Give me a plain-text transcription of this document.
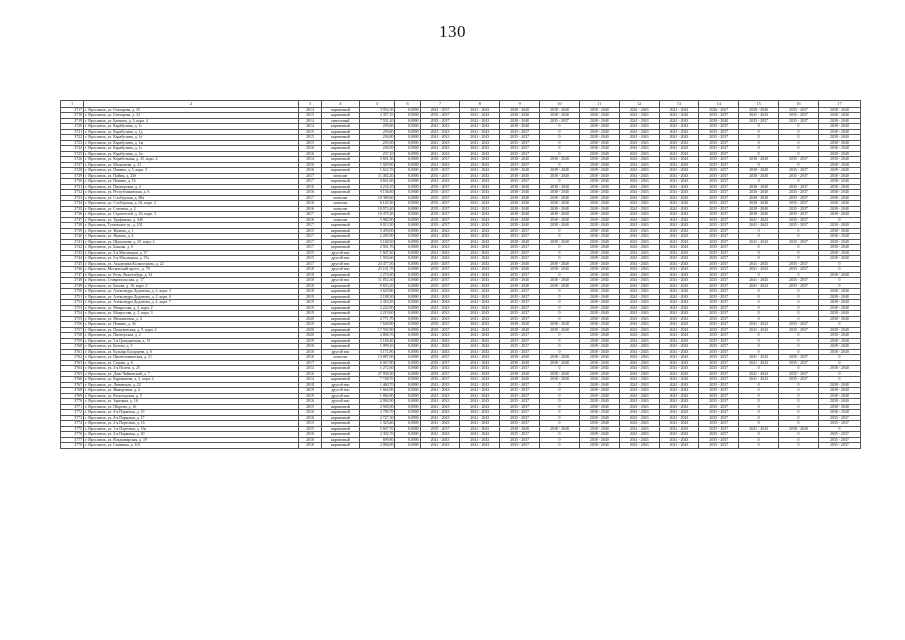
130
1	2	3	4	5	6	7	8	9	10	11	12	13	14	15	16	17
3717	г. Ярославль, ул. Гончарова, д. 35	2014	кирпичный	3 952,50	0,0000	2041 - 2037	2041 - 2043	2038 - 2040	2038 - 2040	2038 - 2040	2041 - 2043	2041 - 2043	2026 - 2027	2038 - 2040	2035 - 2037	2038 - 2040
3718	г. Ярославль, ул. Гончарова, д. 32	2015	кирпичный	2 357,10	0,0000	2035 - 2037	2041 - 2043	2038 - 2040	2038 - 2040	2038 - 2040	2041 - 2043	2041 - 2043	2035 - 2037	2041 - 2043	2035 - 2037	2038 - 2040
3719	г. Ярославль, ул. Батыева, д. 3, корп. 4	2014	панельный	7 551,20	0,0000	2035 - 2037	2041 - 2043	2038 - 2040	2035 - 2037	2038 - 2040	2041 - 2043	2041 - 2043	2038 - 2040	2035 - 2037	2035 - 2037	2038 - 2040
3720	г. Ярославль, ул. Карабулина, д. 1г	2014	кирпичный	239,60	0,0000	2041 - 2043	2041 - 2043	2038 - 2040	0	2038 - 2040	2041 - 2043	2041 - 2043	2035 - 2037	0	0	2038 - 2040
3721	г. Ярославль, ул. Карабулина, д. 1д	2015	кирпичный	239,60	0,0000	2041 - 2043	2041 - 2043	2035 - 2037	0	2038 - 2040	2041 - 2043	2041 - 2043	2035 - 2037	0	0	2038 - 2040
3722	г. Ярославль, ул. Карабулина, д. 1е	2015	кирпичный	236,80	0,0000	2041 - 2043	2041 - 2043	2035 - 2037	0	2038 - 2040	2041 - 2043	2041 - 2043	2035 - 2037	0	0	2038 - 2040
3723	г. Ярославль, ул. Карабулина, д. 1ж	2015	кирпичный	239,30	0,0000	2041 - 2043	2041 - 2043	2035 - 2037	0	2038 - 2040	2041 - 2043	2041 - 2043	2035 - 2037	0	0	2038 - 2040
3724	г. Ярославль, ул. Карабулина, д. 1з	2016	кирпичный	236,50	0,0000	2041 - 2043	2041 - 2043	2035 - 2037	0	2038 - 2040	2041 - 2043	2041 - 2043	2035 - 2037	0	0	2038 - 2040
3725	г. Ярославль, ул. Карабулина, д. 1и	2016	кирпичный	237,10	0,0000	2041 - 2043	2041 - 2043	2035 - 2037	0	2038 - 2040	2041 - 2043	2041 - 2043	2035 - 2037	0	0	2038 - 2040
3726	г. Ярославль, ул. Корабельная, д. 25, корп. 2	2014	кирпичный	3 691,30	0,0000	2035 - 2037	2041 - 2043	2038 - 2040	2038 - 2040	2038 - 2040	2041 - 2043	2041 - 2043	2035 - 2037	2038 - 2040	2035 - 2037	2038 - 2040
3727	г. Ярославль, ул. Малышева, д. 41	2016	кирпичный	1 029,90	0,0000	2041 - 2043	2041 - 2043	2035 - 2037	0	2038 - 2040	2041 - 2043	2041 - 2043	2035 - 2037	0	0	2038 - 2040
3728	г. Ярославль, ул. Панина, д. 5, корп. 3	2016	кирпичный	1 622,70	0,0000	2035 - 2037	2041 - 2043	2038 - 2040	2038 - 2040	2038 - 2040	2041 - 2043	2041 - 2043	2035 - 2037	2038 - 2040	2035 - 2037	2038 - 2040
3729	г. Ярославль, ул. Пайвы, д. 23б	2017	монолит	11 402,20	0,0000	2035 - 2037	2041 - 2043	2038 - 2040	2038 - 2040	2038 - 2040	2041 - 2043	2041 - 2043	2035 - 2037	2038 - 2040	2035 - 2037	2038 - 2040
3730	г. Ярославль, ул. Панина, д. 16	2017	кирпичный	4 601,60	0,0000	2041 - 2043	2041 - 2043	2035 - 2037	0	2038 - 2040	2041 - 2043	2041 - 2043	2035 - 2037	0	0	2038 - 2040
3731	г. Ярославль, ул. Пионерская, д. 4	2016	кирпичный	4 234,10	0,0000	2035 - 2037	2041 - 2043	2038 - 2040	2038 - 2040	2038 - 2040	2041 - 2043	2041 - 2043	2035 - 2037	2038 - 2040	2035 - 2037	2038 - 2040
3732	г. Ярославль, ул. Республиканская, д. 6	2016	кирпичный	9 136,60	0,0000	2035 - 2037	2041 - 2043	2038 - 2040	2038 - 2040	2038 - 2040	2041 - 2043	2041 - 2043	2035 - 2037	2038 - 2040	2035 - 2037	2038 - 2040
3733	г. Ярославль, ул. Слободская, д. 68а	2017	монолит	10 388,60	0,0000	2035 - 2037	2041 - 2043	2038 - 2040	2038 - 2040	2038 - 2040	2041 - 2043	2041 - 2043	2035 - 2037	2038 - 2040	2035 - 2037	2038 - 2040
3734	г. Ярославль, ул. Слободская, д. 62, корп. 2	2016	монолит	6 120,30	0,0000	2035 - 2037	2041 - 2043	2038 - 2040	2038 - 2040	2038 - 2040	2041 - 2043	2041 - 2043	2035 - 2037	2038 - 2040	2035 - 2037	2038 - 2040
3735	г. Ярославль, ул. Союзная, д. 2	2016	монолит	10 072,40	0,0000	2035 - 2037	2041 - 2043	2038 - 2040	2038 - 2040	2038 - 2040	2041 - 2043	2041 - 2043	2035 - 2037	2038 - 2040	2035 - 2037	2038 - 2040
3736	г. Ярославль, ул. Строителей, д. 16, корп. 3	2017	кирпичный	10 479,20	0,0000	2035 - 2037	2041 - 2043	2038 - 2040	2038 - 2040	2038 - 2040	2041 - 2043	2041 - 2043	2035 - 2037	2038 - 2040	2035 - 2037	2038 - 2040
3737	г. Ярославль, ул. Труфанова, д. 34б	2016	монолит	5 982,90	0,0000	2035 - 2037	2041 - 2043	2038 - 2040	2038 - 2040	2038 - 2040	2041 - 2043	2041 - 2043	2035 - 2037	2041 - 2043	2035 - 2037	0
3738	г. Ярославль, Тутаевское ш., д. 101	2017	кирпичный	9 013,30	0,0000	2035 - 2037	2041 - 2043	2038 - 2040	2038 - 2040	2038 - 2040	2041 - 2043	2041 - 2043	2035 - 2037	2041 - 2043	2035 - 2037	2038 - 2040
3739	г. Ярославль, ул. Жукова, д. 1	2015	кирпичный	5 459,00	0,0000	2041 - 2043	2041 - 2043	2035 - 2037	0	2038 - 2040	2041 - 2043	2041 - 2043	2035 - 2037	0	0	2038 - 2040
3740	г. Ярославль, ул. Жукова, д. 4	2017	кирпичный	2 205,90	0,0000	2041 - 2043	2041 - 2043	2035 - 2037	0	2038 - 2040	2041 - 2043	2041 - 2043	2035 - 2037	0	0	2038 - 2040
3741	г. Ярославль, ул. Щапошова, д. 25, корп. 2	2017	кирпичный	3 168,50	0,0000	2035 - 2037	2041 - 2043	2038 - 2040	2038 - 2040	2038 - 2040	2041 - 2043	2041 - 2043	2035 - 2037	2041 - 2043	2035 - 2037	2038 - 2040
3742	г. Ярославль, ул. Быкова, д. 6	2017	кирпичный	2 501,70	0,0000	2041 - 2043	2041 - 2043	2035 - 2037	0	2038 - 2040	2041 - 2043	2041 - 2043	2035 - 2037	0	0	2038 - 2040
3743	г. Ярославль, ул. 5-я Маслицкая, д. 37	2015	другой тип	1 607,40	0,0000	2041 - 2043	2041 - 2043	2035 - 2037	0	2038 - 2040	2041 - 2043	2041 - 2043	2035 - 2037	0	0	2038 - 2040
3744	г. Ярославль, ул. 5-я Маслицкая, д. 37а	2015	другой тип	1 593,60	0,0000	2041 - 2043	2041 - 2043	2035 - 2037	0	2038 - 2040	2041 - 2043	2041 - 2043	2035 - 2037	0	0	2038 - 2040
3745	г. Ярославль, ул. Академика Колмогорова, д. 22	2017	другой тип	23 477,50	0,0000	2035 - 2037	2041 - 2043	2038 - 2040	2038 - 2040	2038 - 2040	2041 - 2043	2041 - 2043	2035 - 2037	2041 - 2043	2035 - 2037	0
3746	г. Ярославль, Московский просп., д. 78	2018	другой тип	23 101,70	0,0000	2035 - 2037	2041 - 2043	2038 - 2040	2038 - 2040	2038 - 2040	2041 - 2043	2041 - 2043	2035 - 2037	2041 - 2043	2035 - 2037	0
3747	г. Ярославль, ул. Розы Люксембург, д. 32	2018	кирпичный	2 274,60	0,0000	2041 - 2043	2041 - 2043	2035 - 2037	0	2038 - 2040	2041 - 2043	2041 - 2043	2035 - 2037	0	0	2038 - 2040
3748	г. Ярославль, Ставропольская, д. 17	2018	другой тип	11 852,30	0,0000	2035 - 2037	2041 - 2043	2038 - 2040	2038 - 2040	2038 - 2040	2041 - 2043	2041 - 2043	2035 - 2037	2041 - 2043	2035 - 2037	0
3749	г. Ярославль, ул. Батова, д. 10, корп. 2	2018	кирпичный	9 653,20	0,0000	2035 - 2037	2041 - 2043	2038 - 2040	2038 - 2040	2038 - 2040	2041 - 2043	2041 - 2043	2035 - 2037	2041 - 2043	2035 - 2037	0
3750	г. Ярославль, ул. Александра Додонова, д. 2, корп. 3	2018	кирпичный	3 629,80	0,0000	2041 - 2043	2041 - 2043	2035 - 2037	0	2038 - 2040	2041 - 2043	2041 - 2043	2035 - 2037	0	0	2038 - 2040
3751	г. Ярославль, ул. Александра Додонова, д. 2, корп. 6	2019	кирпичный	2 188,30	0,0000	2041 - 2043	2041 - 2043	2035 - 2037	0	2038 - 2040	2041 - 2043	2041 - 2043	2035 - 2037	0	0	2038 - 2040
3752	г. Ярославль, ул. Александра Додонова, д. 2, корп. 7	2019	кирпичный	2 435,20	0,0000	2041 - 2043	2041 - 2043	2035 - 2037	0	2038 - 2040	2041 - 2043	2041 - 2043	2035 - 2037	0	0	2038 - 2040
3753	г. Ярославль, ул. Матросова, д. 2, корп. 2	2019	кирпичный	2 222,90	0,0000	2041 - 2043	2041 - 2043	2035 - 2037	0	2038 - 2040	2041 - 2043	2041 - 2043	2035 - 2037	0	0	2038 - 2040
3754	г. Ярославль, ул. Матросова, д. 2, корп. 3	2019	кирпичный	2 219,60	0,0000	2041 - 2043	2041 - 2043	2035 - 2037	0	2038 - 2040	2041 - 2043	2041 - 2043	2035 - 2037	0	0	2038 - 2040
3755	г. Ярославль, ул. Мельничная, д. 4	2020	кирпичный	4 771,70	0,0000	2041 - 2043	2041 - 2043	2035 - 2037	0	2038 - 2040	2041 - 2043	2041 - 2043	2035 - 2037	0	0	2038 - 2040
3756	г. Ярославль, ул. Панина, д. 36	2019	кирпичный	7 640,80	0,0000	2035 - 2037	2041 - 2043	2038 - 2040	2038 - 2040	2038 - 2040	2041 - 2043	2041 - 2043	2035 - 2037	2041 - 2043	2035 - 2037	0
3757	г. Ярославль, ул. Пашуковская, д. 9, корп. 2	2020	кирпичный	17 592,90	0,0000	2035 - 2037	2041 - 2043	2038 - 2040	2038 - 2040	2038 - 2040	2041 - 2043	2041 - 2043	2035 - 2037	2041 - 2043	2035 - 2037	2038 - 2040
3758	г. Ярославль, ул. Пионерская, д. 2	2020	кирпичный	2 806,70	0,0000	2041 - 2043	2041 - 2043	2035 - 2037	0	2038 - 2040	2041 - 2043	2041 - 2043	2035 - 2037	0	0	2038 - 2040
3759	г. Ярославль, ул. 5-я Гражданская, д. 15	2019	кирпичный	2 169,40	0,0000	2041 - 2043	2041 - 2043	2035 - 2037	0	2038 - 2040	2041 - 2043	2041 - 2043	2035 - 2037	0	0	2038 - 2040
3760	г. Ярославль, ул. Белова, д. 5	2016	кирпичный	1 999,20	0,0000	2041 - 2043	2041 - 2043	2035 - 2037	0	2038 - 2040	2041 - 2043	2041 - 2043	2035 - 2037	0	0	2038 - 2040
3761	г. Ярославль, ул. Бульвар Бухарцева, д. 6	2018	другой тип	3 171,80	0,0000	2041 - 2043	2041 - 2043	2035 - 2037	0	2038 - 2040	2041 - 2043	2041 - 2043	2035 - 2037	0	0	2038 - 2040
3762	г. Ярославль, ул. Пионеловковская, д. 21	2016	монолит	13 887,00	0,0000	2035 - 2037	2041 - 2043	2038 - 2040	2038 - 2040	2038 - 2040	2041 - 2043	2041 - 2043	2035 - 2037	2041 - 2043	2035 - 2037	0
3763	г. Ярославль, ул. Серова, д. 6	2017	кирпичный	6 047,80	0,0000	2035 - 2037	2041 - 2043	2038 - 2040	2038 - 2040	2038 - 2040	2041 - 2043	2041 - 2043	2035 - 2037	2041 - 2043	2035 - 2037	0
3764	г. Ярославль, ул. 2-я Полем, д. 25	2014	кирпичный	1 272,60	0,0000	2041 - 2043	2041 - 2043	2035 - 2037	0	2038 - 2040	2041 - 2043	2041 - 2043	2035 - 2037	0	0	2038 - 2040
3765	г. Ярославль, ул. Дачи Чайковской, д. 7	2016	кирпичный	27 938,30	0,0000	2035 - 2037	2041 - 2043	2038 - 2040	2038 - 2040	2038 - 2040	2041 - 2043	2041 - 2043	2035 - 2037	2041 - 2043	2035 - 2037	0
3766	г. Ярославль, ул. Карпышева, д. 3, корп. 2	2014	кирпичный	7 748,70	0,0000	2035 - 2037	2041 - 2043	2038 - 2040	2038 - 2040	2038 - 2040	2041 - 2043	2041 - 2043	2035 - 2037	2041 - 2043	2035 - 2037	0
3767	г. Ярославль, ул. Ленинская, д. 22	2018	другой тип	1 460,70	0,0000	2041 - 2043	2041 - 2043	2035 - 2037	0	2038 - 2040	2041 - 2043	2041 - 2043	2035 - 2037	0	0	2038 - 2040
3768	г. Ярославль, ул. Жаворонки, д. 4	2019	другой тип	1 664,90	0,0000	2041 - 2043	2041 - 2043	2035 - 2037	0	2038 - 2040	2041 - 2043	2041 - 2043	2035 - 2037	0	0	2038 - 2040
3769	г. Ярославль, ул. Вологодская, д. 5	2019	другой тип	1 866,90	0,0000	2041 - 2043	2041 - 2043	2035 - 2037	0	2038 - 2040	2041 - 2043	2041 - 2043	2035 - 2037	0	0	2038 - 2040
3770	г. Ярославль, ул. Зарецкая, д. 16	2016	другой тип	2 084,90	0,0000	2041 - 2043	2041 - 2043	2035 - 2037	0	2038 - 2040	2041 - 2043	2041 - 2043	2035 - 2037	0	0	2038 - 2040
3771	г. Ярославль, ул. Шарона, д. 16	2015	кирпичный	2 948,30	0,0000	2041 - 2043	2041 - 2043	2035 - 2037	0	2038 - 2040	2041 - 2043	2041 - 2043	2035 - 2037	0	0	2038 - 2040
3772	г. Ярославль, ул. 4-я Парковая, д. 19	2016	кирпичный	3 790,70	0,0000	2041 - 2043	2041 - 2043	2035 - 2037	0	2038 - 2040	2041 - 2043	2041 - 2043	2035 - 2037	0	0	2038 - 2040
3773	г. Ярославль, ул. 4-я Парковая, д. 17	2016	кирпичный	2 727,30	0,0000	2041 - 2043	2041 - 2043	2035 - 2037	0	2038 - 2040	2041 - 2043	2041 - 2043	2035 - 2037	0	0	2035 - 2037
3774	г. Ярославль, ул. 2-я Портовая, д. 16	2015	кирпичный	1 323,60	0,0000	2041 - 2043	2041 - 2043	2035 - 2037	0	2038 - 2040	2041 - 2043	2041 - 2043	2035 - 2037	0	0	2035 - 2037
3775	г. Ярославль, ул. 1-я Портовая, д. 16а	2015	кирпичный	5 607,70	0,0000	2035 - 2037	2041 - 2043	2038 - 2040	2038 - 2040	2038 - 2040	2041 - 2043	2041 - 2043	2035 - 2037	2041 - 2043	2038 - 2040	0
3776	г. Ярославль, ул. 4-я Парковая, д. 20	2016	кирпичный	2 302,70	0,0000	2041 - 2043	2041 - 2043	2035 - 2037	0	2038 - 2040	2041 - 2043	2041 - 2043	2035 - 2037	0	0	2035 - 2037
3777	г. Ярославль, ул. Владимирская, д. 19	2018	кирпичный	699,80	0,0000	2041 - 2043	2041 - 2043	2035 - 2037	0	2038 - 2040	2041 - 2043	2041 - 2043	2035 - 2037	0	0	2035 - 2037
3778	г. Ярославль, ул. Свиниша, д. 101	2018	кирпичный	2 066,00	0,0000	2041 - 2043	2041 - 2043	2035 - 2037	0	2038 - 2040	2041 - 2043	2041 - 2043	2035 - 2037	0	0	2035 - 2037
